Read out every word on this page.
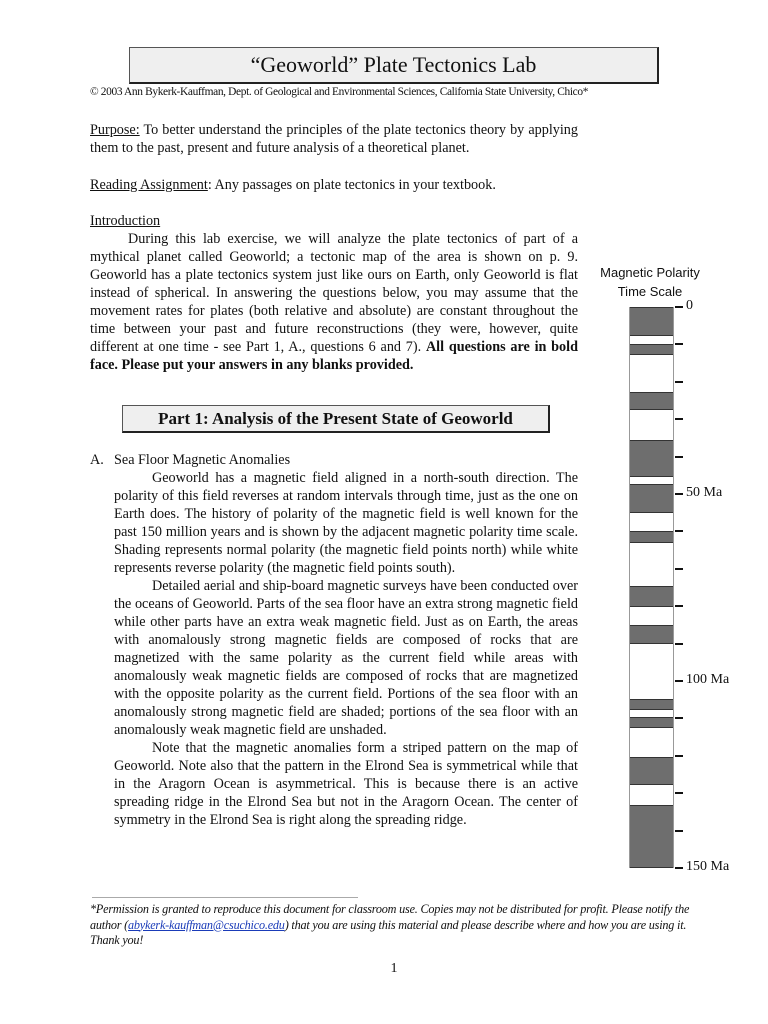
“Geoworld” Plate Tectonics Lab
© 2003 Ann Bykerk-Kauffman, Dept. of Geological and Environmental Sciences, California State University, Chico*

Purpose: To better understand the principles of the plate tectonics theory by applying them to the past, present and future analysis of a theoretical planet.

Reading Assignment: Any passages on plate tectonics in your textbook.

Introduction

During this lab exercise, we will analyze the plate tectonics of part of a mythical planet called Geoworld; a tectonic map of the area is shown on p. 9. Geoworld has a plate tectonics system just like ours on Earth, only Geoworld is flat instead of spherical. In answering the questions below, you may assume that the movement rates for plates (both relative and absolute) are constant throughout the time between your past and future reconstructions (they were, however, quite different at one time - see Part 1, A., questions 6 and 7). All questions are in bold face. Please put your answers in any blanks provided.

Part 1: Analysis of the Present State of Geoworld
A. Sea Floor Magnetic Anomalies

Geoworld has a magnetic field aligned in a north-south direction. The polarity of this field reverses at random intervals through time, just as the one on Earth does. The history of polarity of the magnetic field is well known for the past 150 million years and is shown by the adjacent magnetic polarity time scale. Shading represents normal polarity (the magnetic field points north) while white represents reverse polarity (the magnetic field points south).

Detailed aerial and ship-board magnetic surveys have been conducted over the oceans of Geoworld. Parts of the sea floor have an extra strong magnetic field while other parts have an extra weak magnetic field. Just as on Earth, the areas with anomalously strong magnetic fields are composed of rocks that are magnetized with the same polarity as the current field while areas with anomalously weak magnetic fields are composed of rocks that are magnetized with the opposite polarity as the current field. Portions of the sea floor with an anomalously strong magnetic field are shaded; portions of the sea floor with an anomalously weak magnetic field are unshaded.

Note that the magnetic anomalies form a striped pattern on the map of Geoworld. Note also that the pattern in the Elrond Sea is symmetrical while that in the Aragorn Ocean is asymmetrical. This is because there is an active spreading ridge in the Elrond Sea but not in the Aragorn Ocean. The center of symmetry in the Elrond Sea is right along the spreading ridge.

Magnetic Polarity
Time Scale
0
50 Ma
100 Ma
150 Ma
*Permission is granted to reproduce this document for classroom use. Copies may not be distributed for profit. Please notify the author (abykerk-kauffman@csuchico.edu) that you are using this material and please describe where and how you are using it. Thank you!
1
